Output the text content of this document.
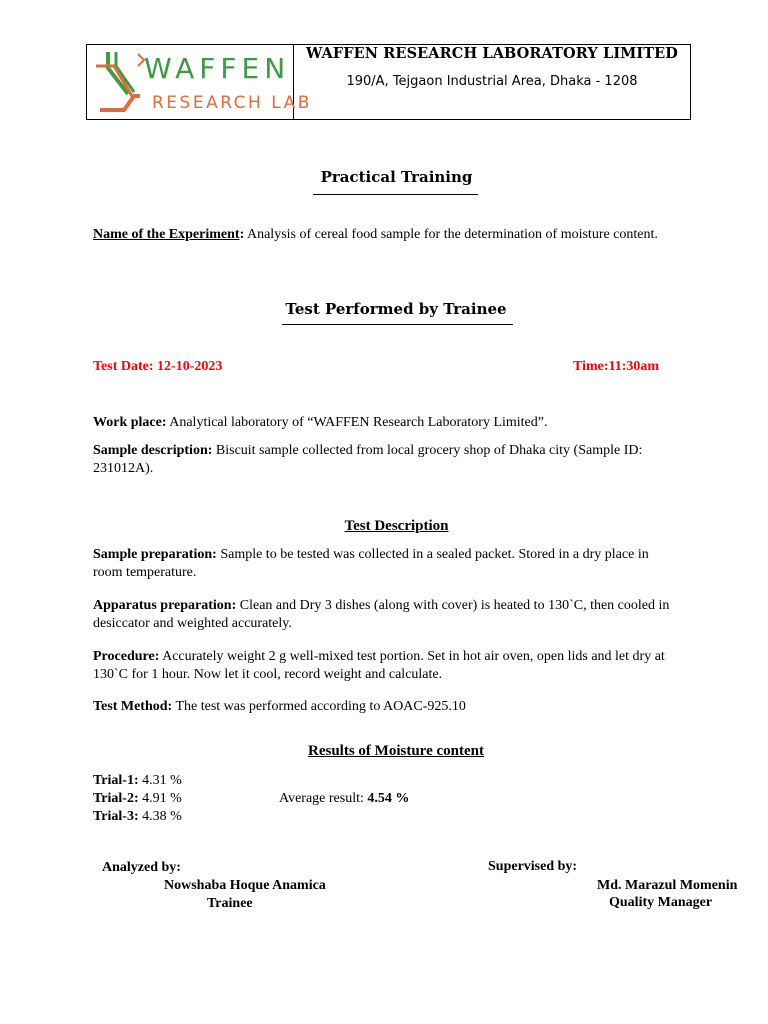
WAFFEN
RESEARCH LAB
WAFFEN RESEARCH LABORATORY LIMITED
190/A, Tejgaon Industrial Area, Dhaka - 1208
Practical Training
Name of the Experiment: Analysis of cereal food sample for the determination of moisture content.
Test Performed by Trainee
Test Date: 12-10-2023	Time:11:30am
Work place: Analytical laboratory of “WAFFEN Research Laboratory Limited”.
Sample description: Biscuit sample collected from local grocery shop of Dhaka city (Sample ID: 231012A).
Test Description
Sample preparation: Sample to be tested was collected in a sealed packet. Stored in a dry place in room temperature.
Apparatus preparation: Clean and Dry 3 dishes (along with cover) is heated to 130`C, then cooled in desiccator and weighted accurately.
Procedure: Accurately weight 2 g well-mixed test portion. Set in hot air oven, open lids and let dry at 130`C for 1 hour. Now let it cool, record weight and calculate.
Test Method: The test was performed according to AOAC-925.10
Results of Moisture content
Trial-1: 4.31 %
Trial-2: 4.91 %
Trial-3: 4.38 %
Average result: 4.54 %
Analyzed by:
Nowshaba Hoque Anamica
Trainee
Supervised by:
Md. Marazul Momenin
Quality Manager
